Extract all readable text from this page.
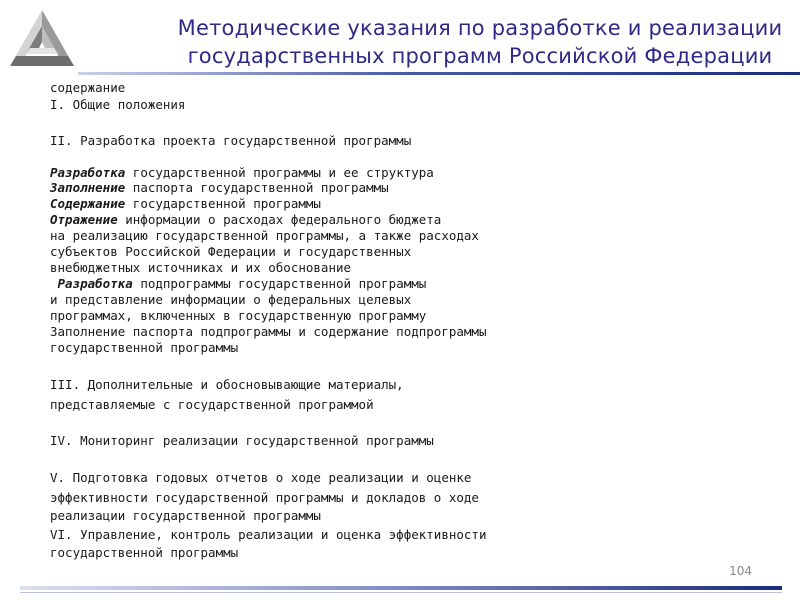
Методические указания по разработке и реализации
государственных программ Российской Федерации
содержание
I. Общие положения
II. Разработка проекта государственной программы
Разработка государственной программы и ее структура
Заполнение паспорта государственной программы
Содержание государственной программы
Отражение информации о расходах федерального бюджета
на реализацию государственной программы, а также расходах
субъектов Российской Федерации и государственных
внебюджетных источниках и их обоснование
Разработка подпрограммы государственной программы
и представление информации о федеральных целевых
программах, включенных в государственную программу
Заполнение паспорта подпрограммы и содержание подпрограммы
государственной программы
III. Дополнительные и обосновывающие материалы,
представляемые с государственной программой
IV. Мониторинг реализации государственной программы
V. Подготовка годовых отчетов о ходе реализации и оценке
эффективности государственной программы и докладов о ходе
реализации государственной программы
VI. Управление, контроль реализации и оценка эффективности
государственной программы
104
